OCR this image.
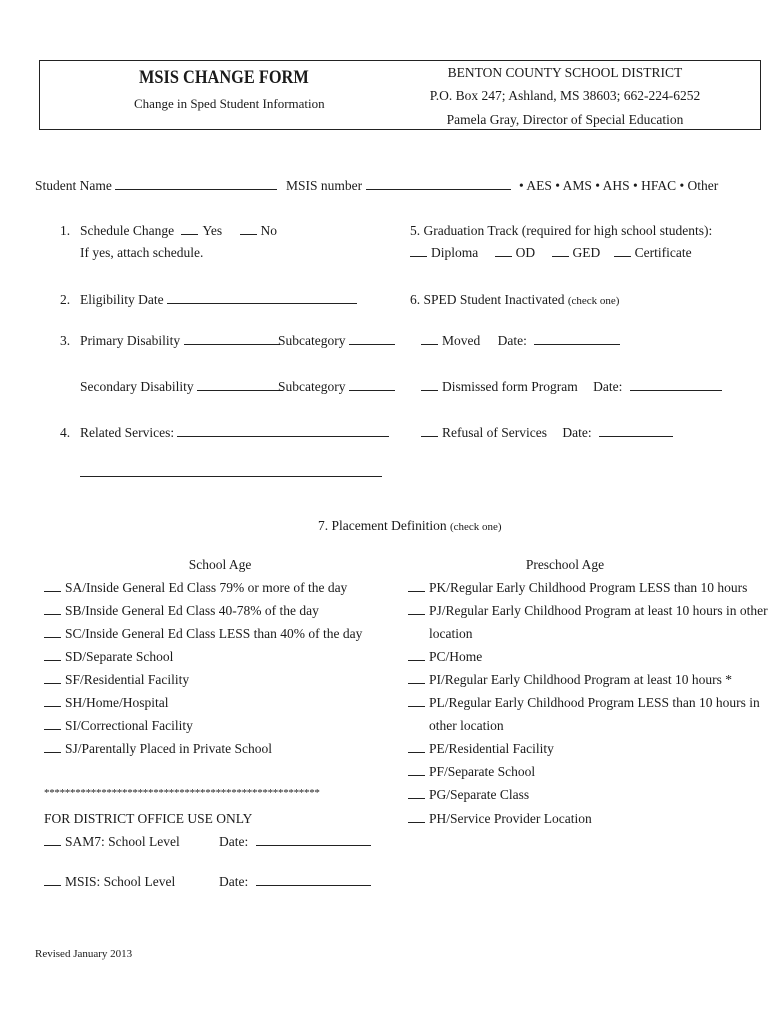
MSIS CHANGE FORM
Change in Sped Student Information
BENTON COUNTY SCHOOL DISTRICT
P.O. Box 247; Ashland, MS 38603; 662-224-6252
Pamela Gray, Director of Special Education
Student Name	MSIS number	• AES • AMS • AHS • HFAC • Other
1. Schedule Change Yes	No
If yes, attach schedule.
2. Eligibility Date
3. Primary Disability	Subcategory
Secondary Disability	Subcategory
4. Related Services:
5. Graduation Track (required for high school students):
Diploma	OD	GED	Certificate
6. SPED Student Inactivated (check one)
Moved Date:
Dismissed form Program Date:
Refusal of Services Date:
7. Placement Definition (check one)
School Age	Preschool Age
SA/Inside General Ed Class 79% or more of the day
SB/Inside General Ed Class 40-78% of the day
SC/Inside General Ed Class LESS than 40% of the day
SD/Separate School
SF/Residential Facility
SH/Home/Hospital
SI/Correctional Facility
SJ/Parentally Placed in Private School
PK/Regular Early Childhood Program LESS than 10 hours
PJ/Regular Early Childhood Program at least 10 hours in other
location
PC/Home
PI/Regular Early Childhood Program at least 10 hours *
PL/Regular Early Childhood Program LESS than 10 hours in
other location
PE/Residential Facility
PF/Separate School
PG/Separate Class
PH/Service Provider Location
*****************************************************
FOR DISTRICT OFFICE USE ONLY
SAM7: School Level	Date:
MSIS: School Level	Date:
Revised January 2013
